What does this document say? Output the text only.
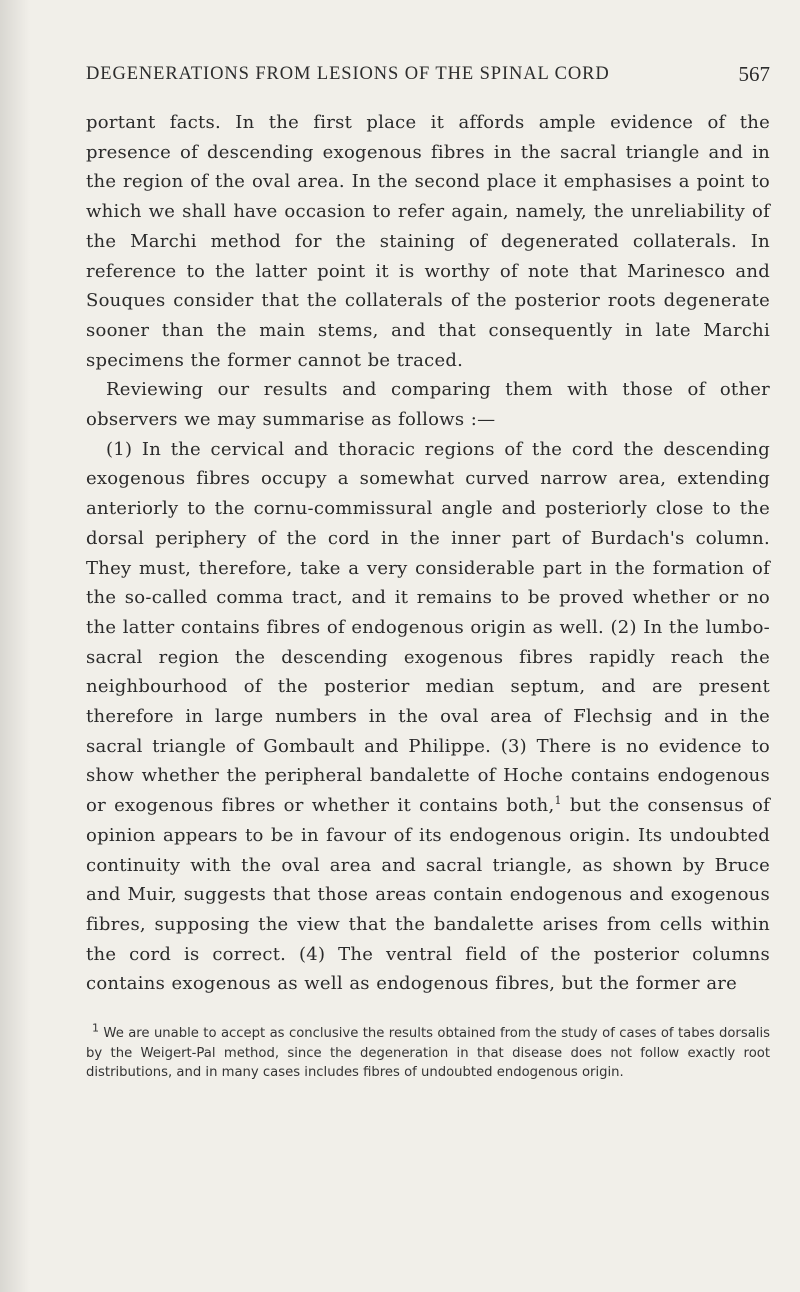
DEGENERATIONS FROM LESIONS OF THE SPINAL CORD	567

portant facts. In the first place it affords ample evidence of the presence of descending exogenous fibres in the sacral triangle and in the region of the oval area. In the second place it emphasises a point to which we shall have occasion to refer again, namely, the unreliability of the Marchi method for the staining of degenerated collaterals. In reference to the latter point it is worthy of note that Marinesco and Souques consider that the collaterals of the posterior roots degenerate sooner than the main stems, and that consequently in late Marchi specimens the former cannot be traced.

Reviewing our results and comparing them with those of other observers we may summarise as follows :—

(1) In the cervical and thoracic regions of the cord the descending exogenous fibres occupy a somewhat curved narrow area, extending anteriorly to the cornu-commissural angle and posteriorly close to the dorsal periphery of the cord in the inner part of Burdach's column. They must, therefore, take a very considerable part in the formation of the so-called comma tract, and it remains to be proved whether or no the latter contains fibres of endogenous origin as well. (2) In the lumbo-sacral region the descending exogenous fibres rapidly reach the neighbourhood of the posterior median septum, and are present therefore in large numbers in the oval area of Flechsig and in the sacral triangle of Gombault and Philippe. (3) There is no evidence to show whether the peripheral bandalette of Hoche contains endogenous or exogenous fibres or whether it contains both,$^1$ but the consensus of opinion appears to be in favour of its endogenous origin. Its undoubted continuity with the oval area and sacral triangle, as shown by Bruce and Muir, suggests that those areas contain endogenous and exogenous fibres, supposing the view that the bandalette arises from cells within the cord is correct. (4) The ventral field of the posterior columns contains exogenous as well as endogenous fibres, but the former are

$^1$ We are unable to accept as conclusive the results obtained from the study of cases of tabes dorsalis by the Weigert-Pal method, since the degeneration in that disease does not follow exactly root distributions, and in many cases includes fibres of undoubted endogenous origin.
